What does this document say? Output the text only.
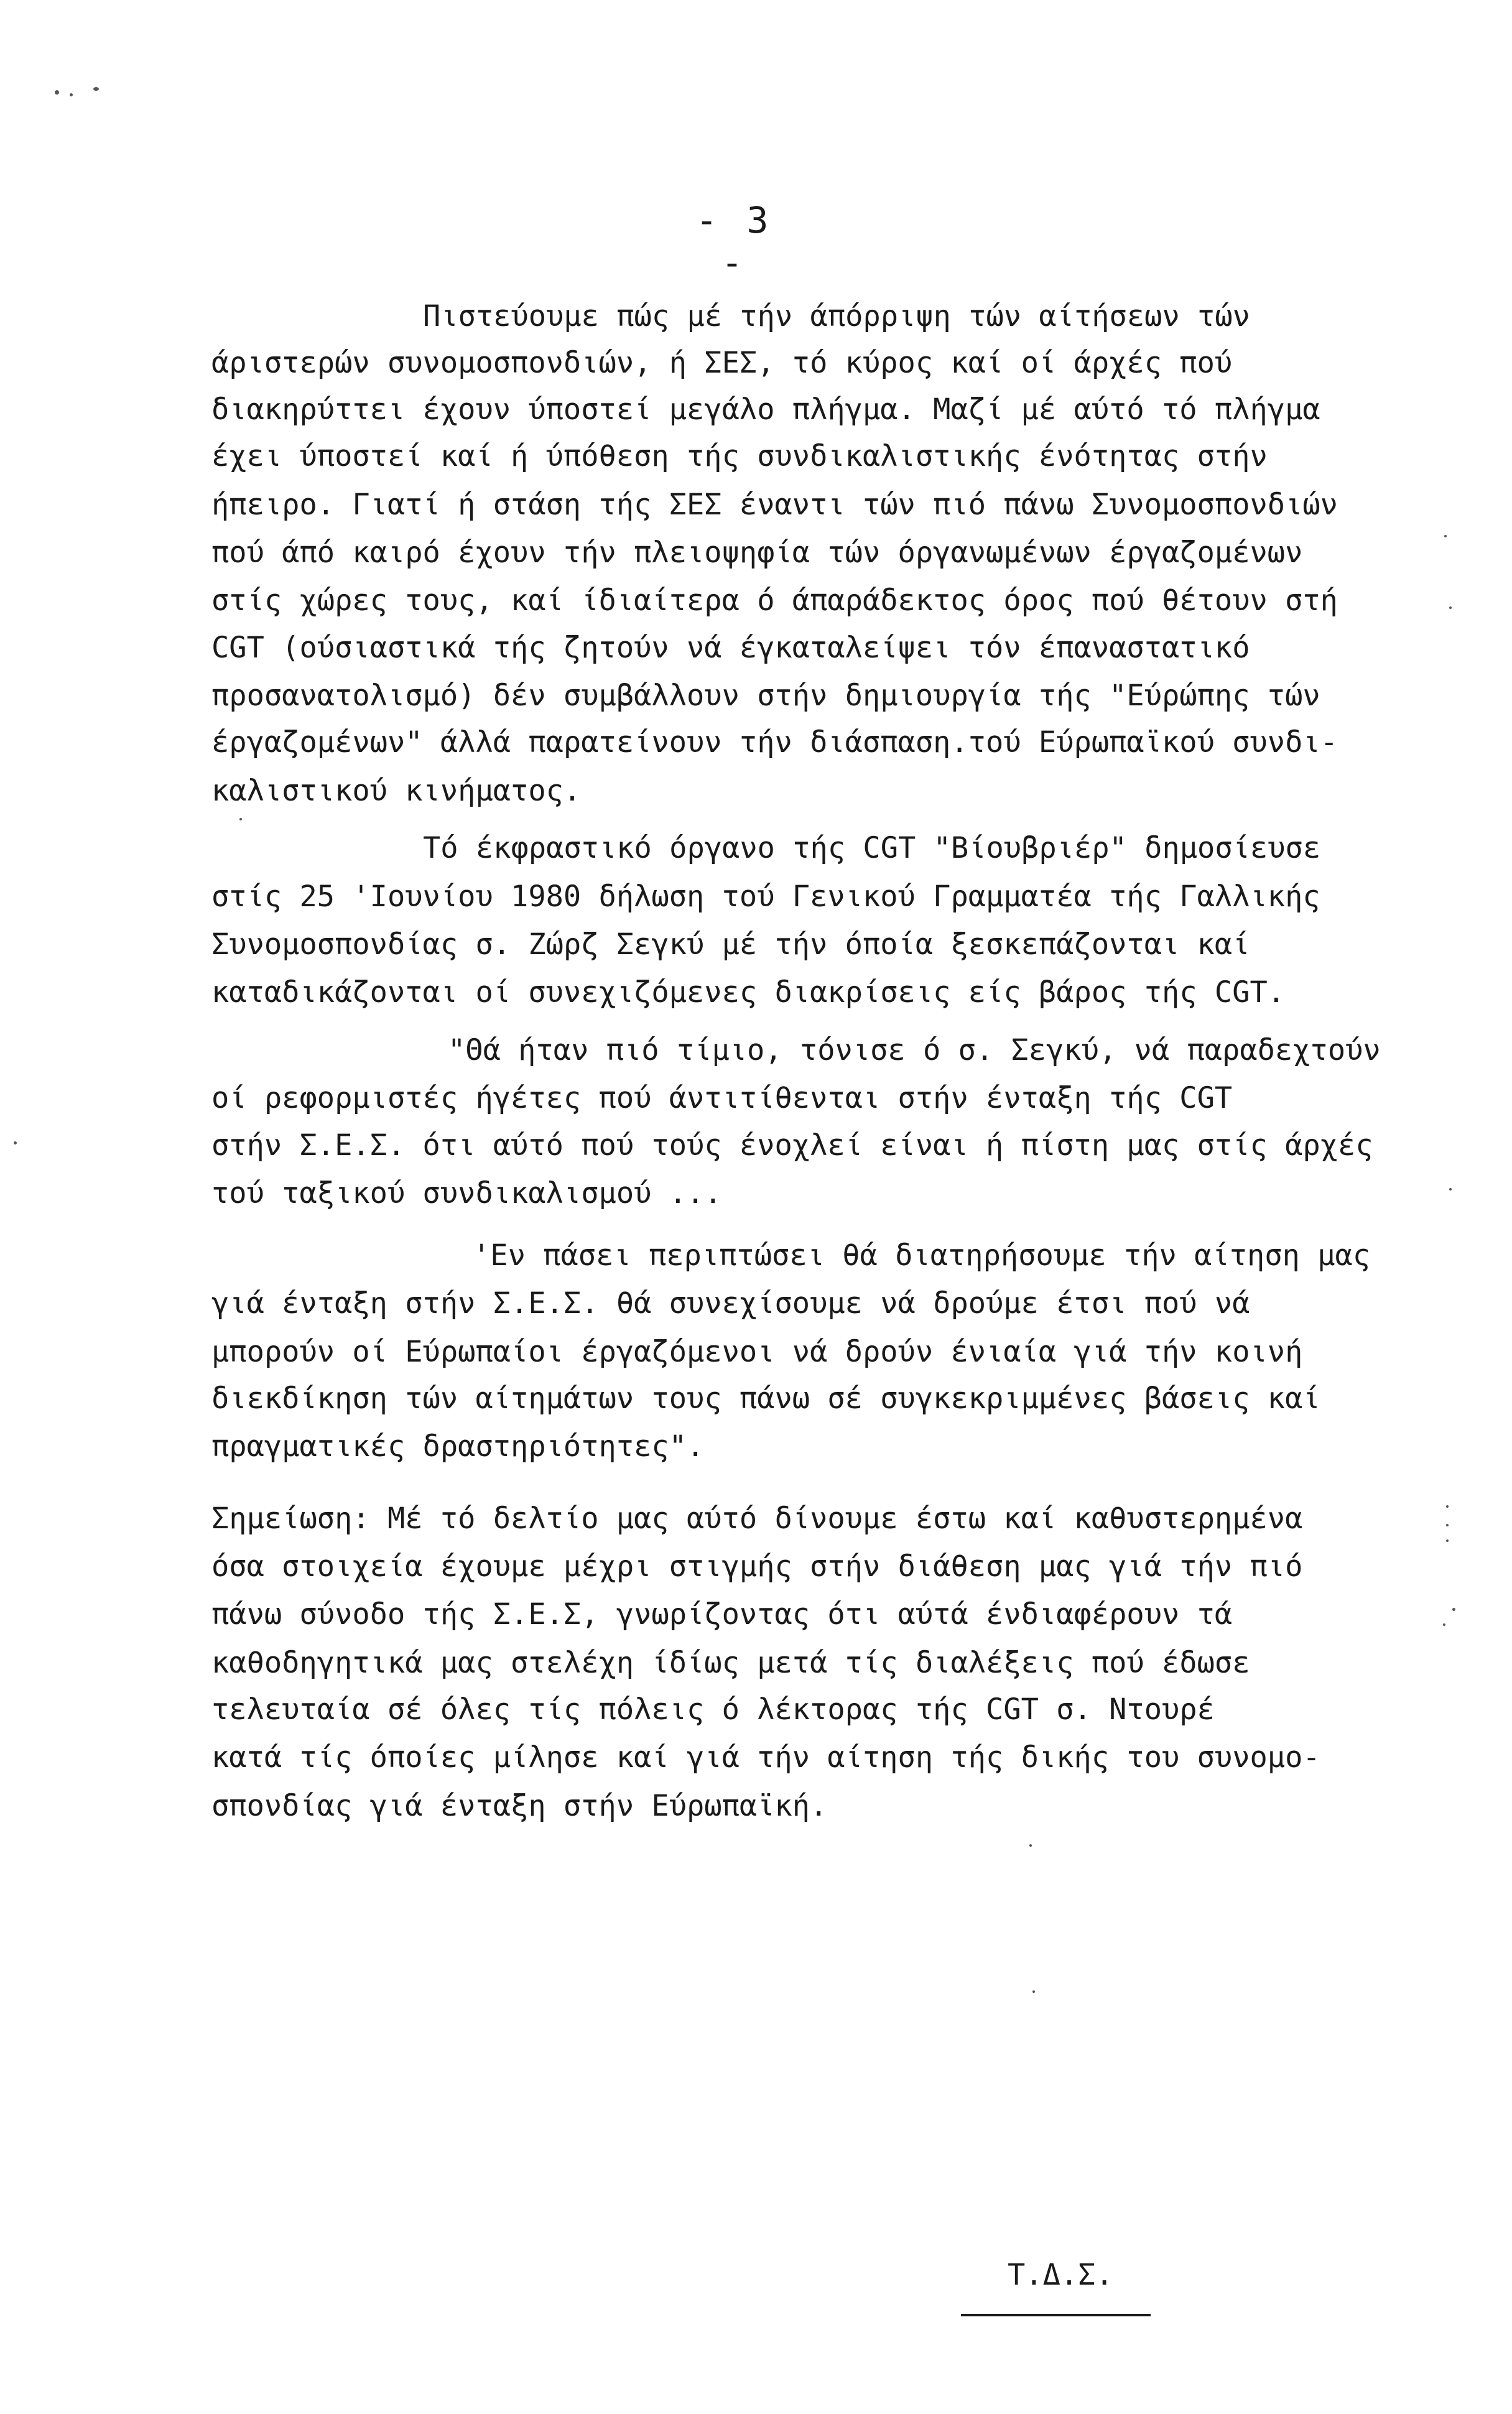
- 3 -
Πιστεύουμε πώς μέ τήν άπόρριψη τών αίτήσεων τών
άριστερών συνομοσπονδιών, ή ΣΕΣ, τό κύρος καί οί άρχές πού
διακηρύττει έχουν ύποστεί μεγάλο πλήγμα. Μαζί μέ αύτό τό πλήγμα
έχει ύποστεί καί ή ύπόθεση τής συνδικαλιστικής ένότητας στήν
ήπειρο. Γιατί ή στάση τής ΣΕΣ έναντι τών πιό πάνω Συνομοσπονδιών
πού άπό καιρό έχουν τήν πλειοψηφία τών όργανωμένων έργαζομένων
στίς χώρες τους, καί ίδιαίτερα ό άπαράδεκτος όρος πού θέτουν στή
CGT (ούσιαστικά τής ζητούν νά έγκαταλείψει τόν έπαναστατικό
προσανατολισμό) δέν συμβάλλουν στήν δημιουργία τής "Εύρώπης τών
έργαζομένων" άλλά παρατείνουν τήν διάσπαση.τού Εύρωπαϊκού συνδι-
καλιστικού κινήματος.
Τό έκφραστικό όργανο τής CGT "Βίουβριέρ" δημοσίευσε
στίς 25 'Ιουνίου 1980 δήλωση τού Γενικού Γραμματέα τής Γαλλικής
Συνομοσπονδίας σ. Ζώρζ Σεγκύ μέ τήν όποία ξεσκεπάζονται καί
καταδικάζονται οί συνεχιζόμενες διακρίσεις είς βάρος τής CGT.
"Θά ήταν πιό τίμιο, τόνισε ό σ. Σεγκύ, νά παραδεχτούν
οί ρεφορμιστές ήγέτες πού άντιτίθενται στήν ένταξη τής CGT
στήν Σ.Ε.Σ. ότι αύτό πού τούς ένοχλεί είναι ή πίστη μας στίς άρχές
τού ταξικού συνδικαλισμού ...
'Εν πάσει περιπτώσει θά διατηρήσουμε τήν αίτηση μας
γιά ένταξη στήν Σ.Ε.Σ. θά συνεχίσουμε νά δρούμε έτσι πού νά
μπορούν οί Εύρωπαίοι έργαζόμενοι νά δρούν ένιαία γιά τήν κοινή
διεκδίκηση τών αίτημάτων τους πάνω σέ συγκεκριμμένες βάσεις καί
πραγματικές δραστηριότητες".
Σημείωση: Μέ τό δελτίο μας αύτό δίνουμε έστω καί καθυστερημένα
όσα στοιχεία έχουμε μέχρι στιγμής στήν διάθεση μας γιά τήν πιό
πάνω σύνοδο τής Σ.Ε.Σ, γνωρίζοντας ότι αύτά ένδιαφέρουν τά
καθοδηγητικά μας στελέχη ίδίως μετά τίς διαλέξεις πού έδωσε
τελευταία σέ όλες τίς πόλεις ό λέκτορας τής CGT σ. Ντουρέ
κατά τίς όποίες μίλησε καί γιά τήν αίτηση τής δικής του συνομο-
σπονδίας γιά ένταξη στήν Εύρωπαϊκή.
Τ.Δ.Σ.
